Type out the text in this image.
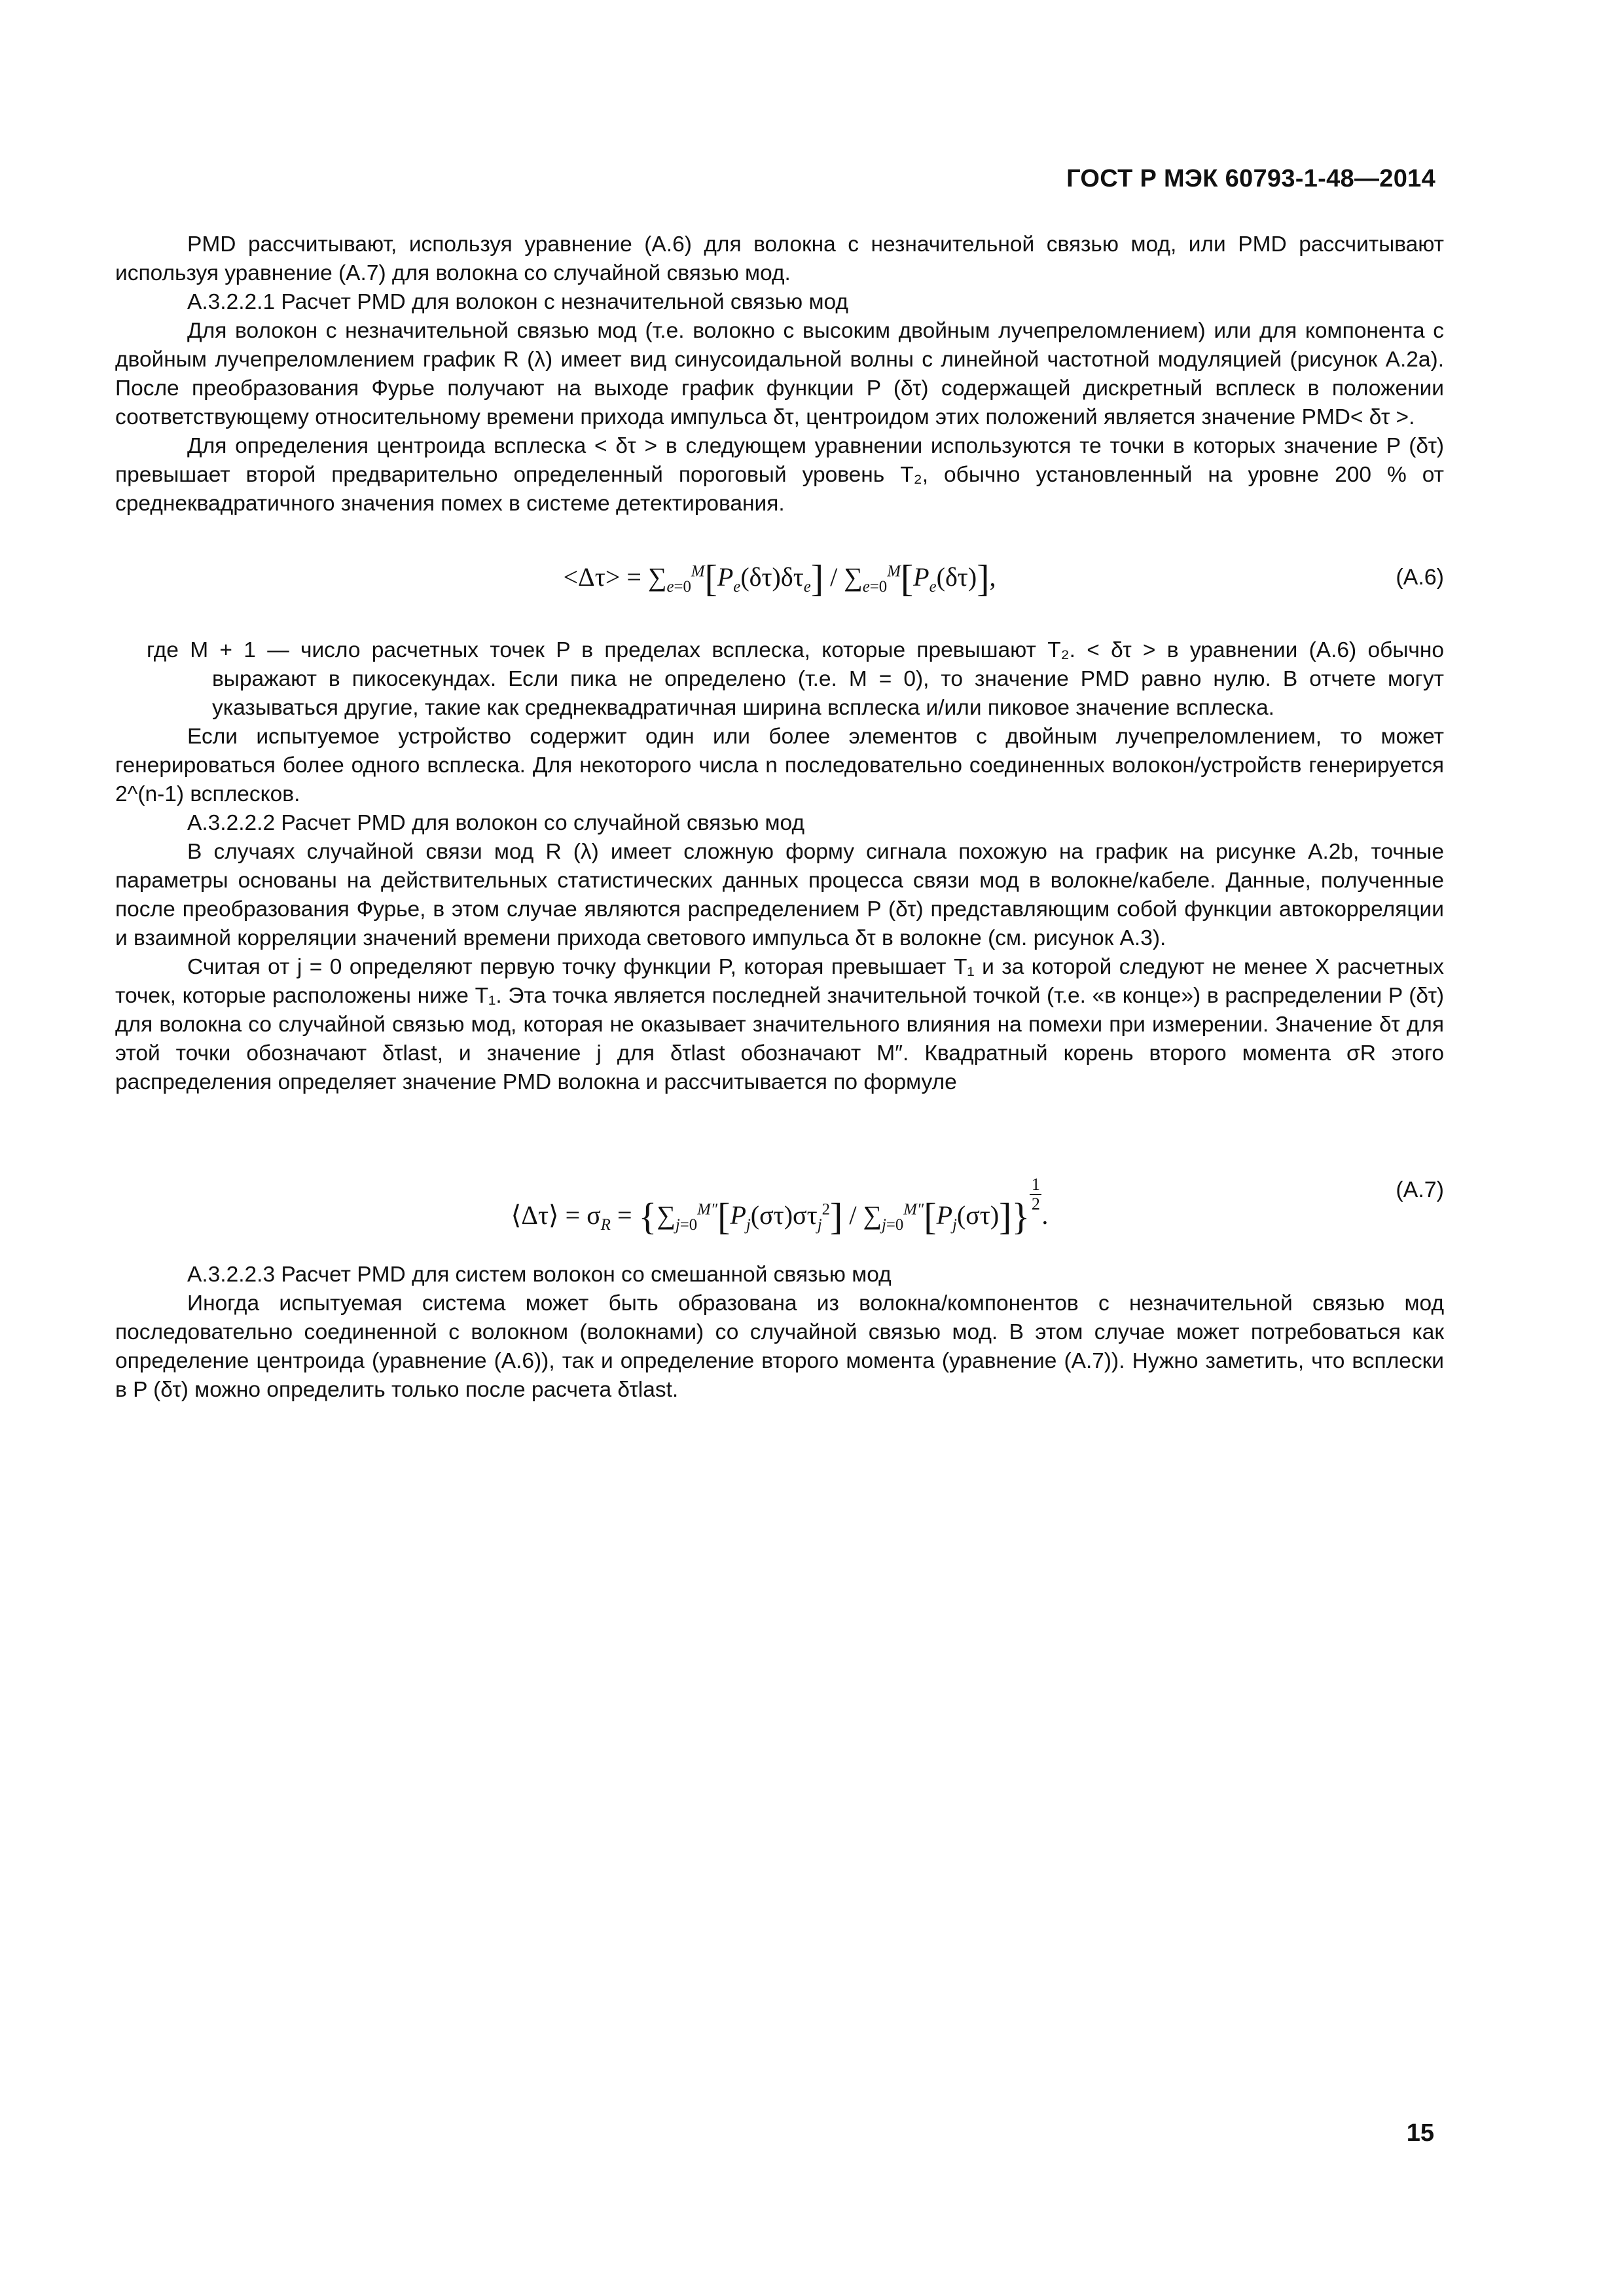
ГОСТ Р МЭК 60793-1-48—2014

PMD рассчитывают, используя уравнение (A.6) для волокна с незначительной связью мод, или PMD рассчитывают используя уравнение (A.7) для волокна со случайной связью мод.

A.3.2.2.1 Расчет PMD для волокон с незначительной связью мод

Для волокон с незначительной связью мод (т.е. волокно с высоким двойным лучепреломлением) или для компонента с двойным лучепреломлением график R (λ) имеет вид синусоидальной волны с линейной частотной модуляцией (рисунок A.2a). После преобразования Фурье получают на выходе график функции P (δτ) содержащей дискретный всплеск в положении соответствующему относительному времени прихода импульса δτ, центроидом этих положений является значение PMD< δτ >.

Для определения центроида всплеска < δτ > в следующем уравнении используются те точки в которых значение P (δτ) превышает второй предварительно определенный пороговый уровень T₂, обычно установленный на уровне 200 % от среднеквадратичного значения помех в системе детектирования.

$<\Delta\tau> = \sum_{e=0}^M[P_e(\delta\tau)\delta\tau_e] / \sum_{e=0}^M[P_e(\delta\tau)]$,	(A.6)

где M + 1 — число расчетных точек P в пределах всплеска, которые превышают T₂. < δτ > в уравнении (A.6) обычно выражают в пикосекундах. Если пика не определено (т.е. M = 0), то значение PMD равно нулю. В отчете могут указываться другие, такие как среднеквадратичная ширина всплеска и/или пиковое значение всплеска.

Если испытуемое устройство содержит один или более элементов с двойным лучепреломлением, то может генерироваться более одного всплеска. Для некоторого числа n последовательно соединенных волокон/устройств генерируется 2^(n-1) всплесков.

A.3.2.2.2 Расчет PMD для волокон со случайной связью мод

В случаях случайной связи мод R (λ) имеет сложную форму сигнала похожую на график на рисунке A.2b, точные параметры основаны на действительных статистических данных процесса связи мод в волокне/кабеле. Данные, полученные после преобразования Фурье, в этом случае являются распределением P (δτ) представляющим собой функции автокорреляции и взаимной корреляции значений времени прихода светового импульса δτ в волокне (см. рисунок A.3).

Считая от j = 0 определяют первую точку функции P, которая превышает T₁ и за которой следуют не менее X расчетных точек, которые расположены ниже T₁. Эта точка является последней значительной точкой (т.е. «в конце») в распределении P (δτ) для волокна со случайной связью мод, которая не оказывает значительного влияния на помехи при измерении. Значение δτ для этой точки обозначают δτlast, и значение j для δτlast обозначают M″. Квадратный корень второго момента σR этого распределения определяет значение PMD волокна и рассчитывается по формуле

⟨Δτ⟩ = $\sigma_R = \{\sum_{j=0}^{M''}[P_j(\sigma\tau)\sigma\tau_j^2] / \sum_{j=0}^{M''}[P_j(\sigma\tau)]\}$
$\frac{1}{2}$
.
(A.7)

A.3.2.2.3 Расчет PMD для систем волокон со смешанной связью мод

Иногда испытуемая система может быть образована из волокна/компонентов с незначительной связью мод последовательно соединенной с волокном (волокнами) со случайной связью мод. В этом случае может потребоваться как определение центроида (уравнение (A.6)), так и определение второго момента (уравнение (A.7)). Нужно заметить, что всплески в P (δτ) можно определить только после расчета δτlast.

15
